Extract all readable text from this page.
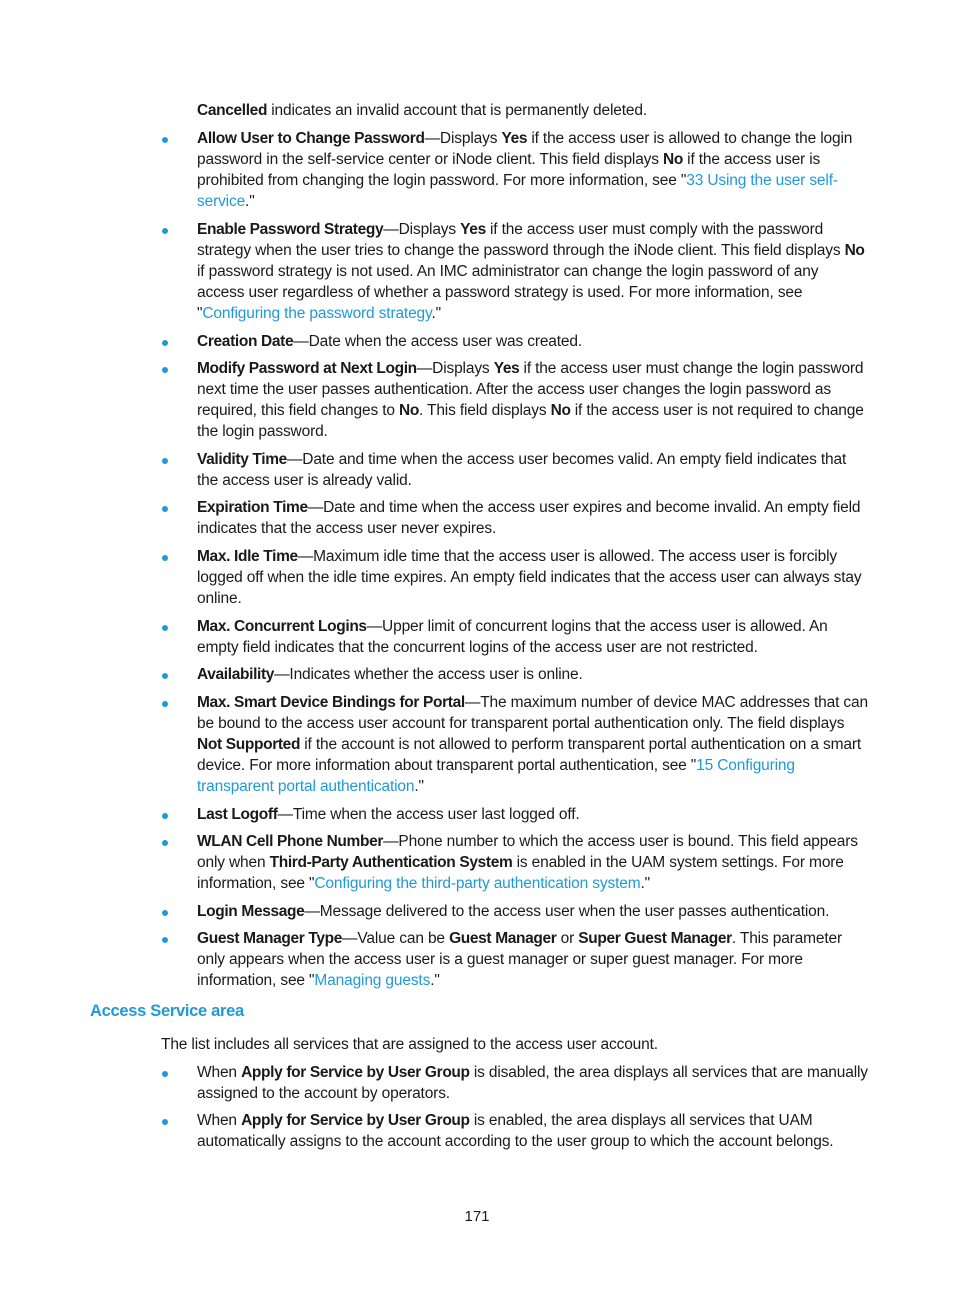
Cancelled indicates an invalid account that is permanently deleted.
Allow User to Change Password—Displays Yes if the access user is allowed to change the login password in the self-service center or iNode client. This field displays No if the access user is prohibited from changing the login password. For more information, see "33 Using the user self-service."
Enable Password Strategy—Displays Yes if the access user must comply with the password strategy when the user tries to change the password through the iNode client. This field displays No if password strategy is not used. An IMC administrator can change the login password of any access user regardless of whether a password strategy is used. For more information, see "Configuring the password strategy."
Creation Date—Date when the access user was created.
Modify Password at Next Login—Displays Yes if the access user must change the login password next time the user passes authentication. After the access user changes the login password as required, this field changes to No. This field displays No if the access user is not required to change the login password.
Validity Time—Date and time when the access user becomes valid. An empty field indicates that the access user is already valid.
Expiration Time—Date and time when the access user expires and become invalid. An empty field indicates that the access user never expires.
Max. Idle Time—Maximum idle time that the access user is allowed. The access user is forcibly logged off when the idle time expires. An empty field indicates that the access user can always stay online.
Max. Concurrent Logins—Upper limit of concurrent logins that the access user is allowed. An empty field indicates that the concurrent logins of the access user are not restricted.
Availability—Indicates whether the access user is online.
Max. Smart Device Bindings for Portal—The maximum number of device MAC addresses that can be bound to the access user account for transparent portal authentication only. The field displays Not Supported if the account is not allowed to perform transparent portal authentication on a smart device. For more information about transparent portal authentication, see "15 Configuring transparent portal authentication."
Last Logoff—Time when the access user last logged off.
WLAN Cell Phone Number—Phone number to which the access user is bound. This field appears only when Third-Party Authentication System is enabled in the UAM system settings. For more information, see "Configuring the third-party authentication system."
Login Message—Message delivered to the access user when the user passes authentication.
Guest Manager Type—Value can be Guest Manager or Super Guest Manager. This parameter only appears when the access user is a guest manager or super guest manager. For more information, see "Managing guests."
Access Service area
The list includes all services that are assigned to the access user account.
When Apply for Service by User Group is disabled, the area displays all services that are manually assigned to the account by operators.
When Apply for Service by User Group is enabled, the area displays all services that UAM automatically assigns to the account according to the user group to which the account belongs.
171
